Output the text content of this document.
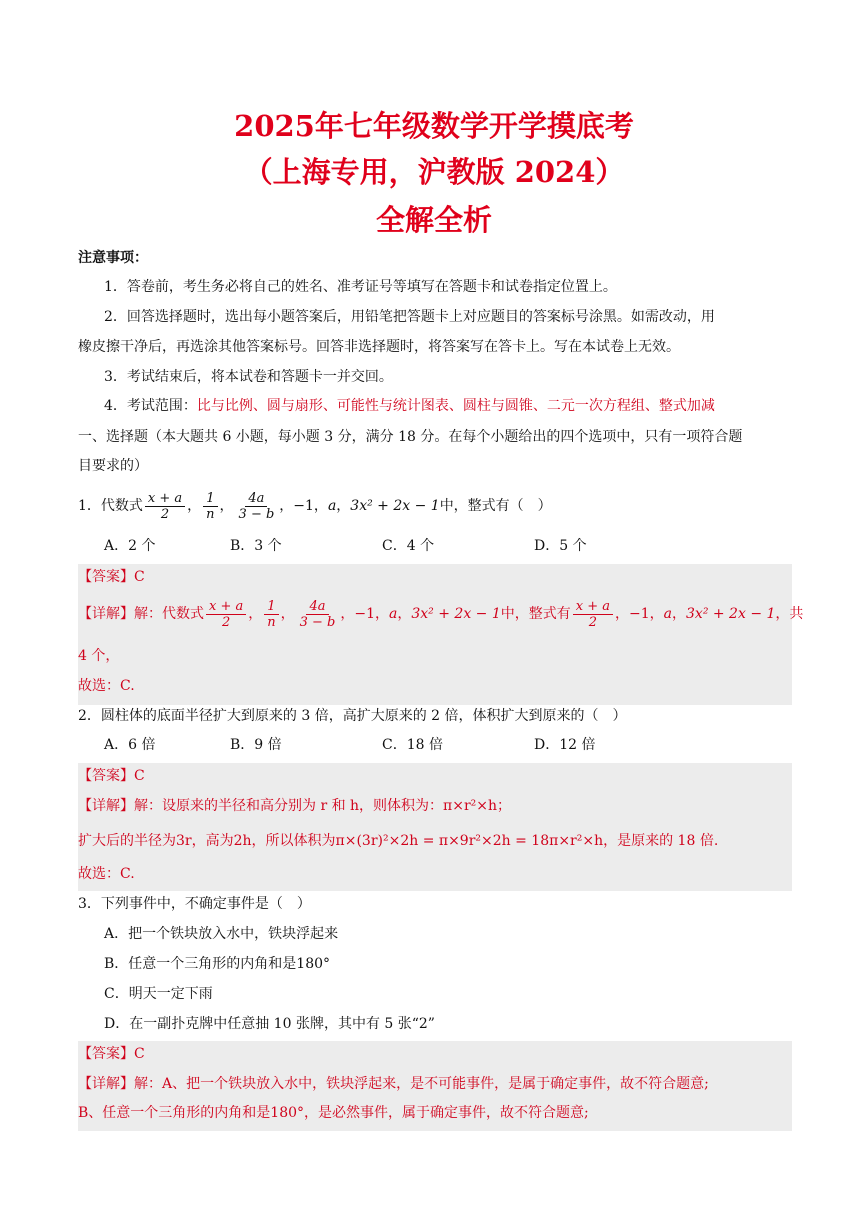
2025年七年级数学开学摸底考
（上海专用，沪教版 2024）
全解全析
注意事项：
1．答卷前，考生务必将自己的姓名、准考证号等填写在答题卡和试卷指定位置上。
2．回答选择题时，选出每小题答案后，用铅笔把答题卡上对应题目的答案标号涂黑。如需改动，用
橡皮擦干净后，再选涂其他答案标号。回答非选择题时，将答案写在答卡上。写在本试卷上无效。
3．考试结束后，将本试卷和答题卡一并交回。
4．考试范围：比与比例、圆与扇形、可能性与统计图表、圆柱与圆锥、二元一次方程组、整式加减
一、选择题（本大题共 6 小题，每小题 3 分，满分 18 分。在每个小题给出的四个选项中，只有一项符合题
目要求的）
1．代数式 $\frac{x + a}{2}$ ， $\frac{1}{n}$ ， $\frac{4a}{3 - b}$ ，−1，a，3x² + 2x − 1中，整式有（　）
A．2 个	B．3 个	C．4 个	D．5 个
【答案】C
【详解】解：代数式 $\frac{x + a}{2}$ ， $\frac{1}{n}$ ， $\frac{4a}{3 - b}$ ，−1，a，3x² + 2x − 1中，整式有 $\frac{x + a}{2}$ ，−1，a，3x² + 2x − 1，共
4 个，
故选：C.
2．圆柱体的底面半径扩大到原来的 3 倍，高扩大原来的 2 倍，体积扩大到原来的（　）
A．6 倍	B．9 倍	C．18 倍	D．12 倍
【答案】C
【详解】解：设原来的半径和高分别为 r 和 h，则体积为：π×r²×h；
扩大后的半径为3r，高为2h，所以体积为π×(3r)²×2h = π×9r²×2h = 18π×r²×h，是原来的 18 倍.
故选：C.
3．下列事件中，不确定事件是（　）
A．把一个铁块放入水中，铁块浮起来
B．任意一个三角形的内角和是180°
C．明天一定下雨
D．在一副扑克牌中任意抽 10 张牌，其中有 5 张“2”
【答案】C
【详解】解：A、把一个铁块放入水中，铁块浮起来，是不可能事件，是属于确定事件，故不符合题意;
B、任意一个三角形的内角和是180°，是必然事件，属于确定事件，故不符合题意;
